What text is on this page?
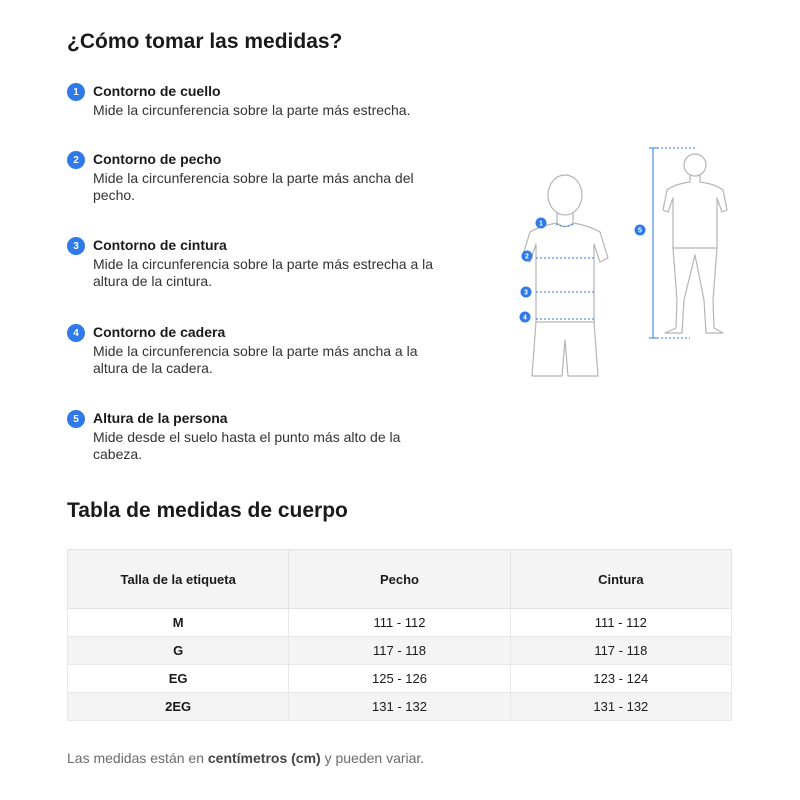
¿Cómo tomar las medidas?
1	Contorno de cuello
Mide la circunferencia sobre la parte más estrecha.
2	Contorno de pecho
Mide la circunferencia sobre la parte más ancha del pecho.
3	Contorno de cintura
Mide la circunferencia sobre la parte más estrecha a la altura de la cintura.
4	Contorno de cadera
Mide la circunferencia sobre la parte más ancha a la altura de la cadera.
5	Altura de la persona
Mide desde el suelo hasta el punto más alto de la cabeza.
1
2
3
4
5
Tabla de medidas de cuerpo
Talla de la etiqueta	Pecho	Cintura
M	111 - 112	111 - 112
G	117 - 118	117 - 118
EG	125 - 126	123 - 124
2EG	131 - 132	131 - 132
Las medidas están en centímetros (cm) y pueden variar.
